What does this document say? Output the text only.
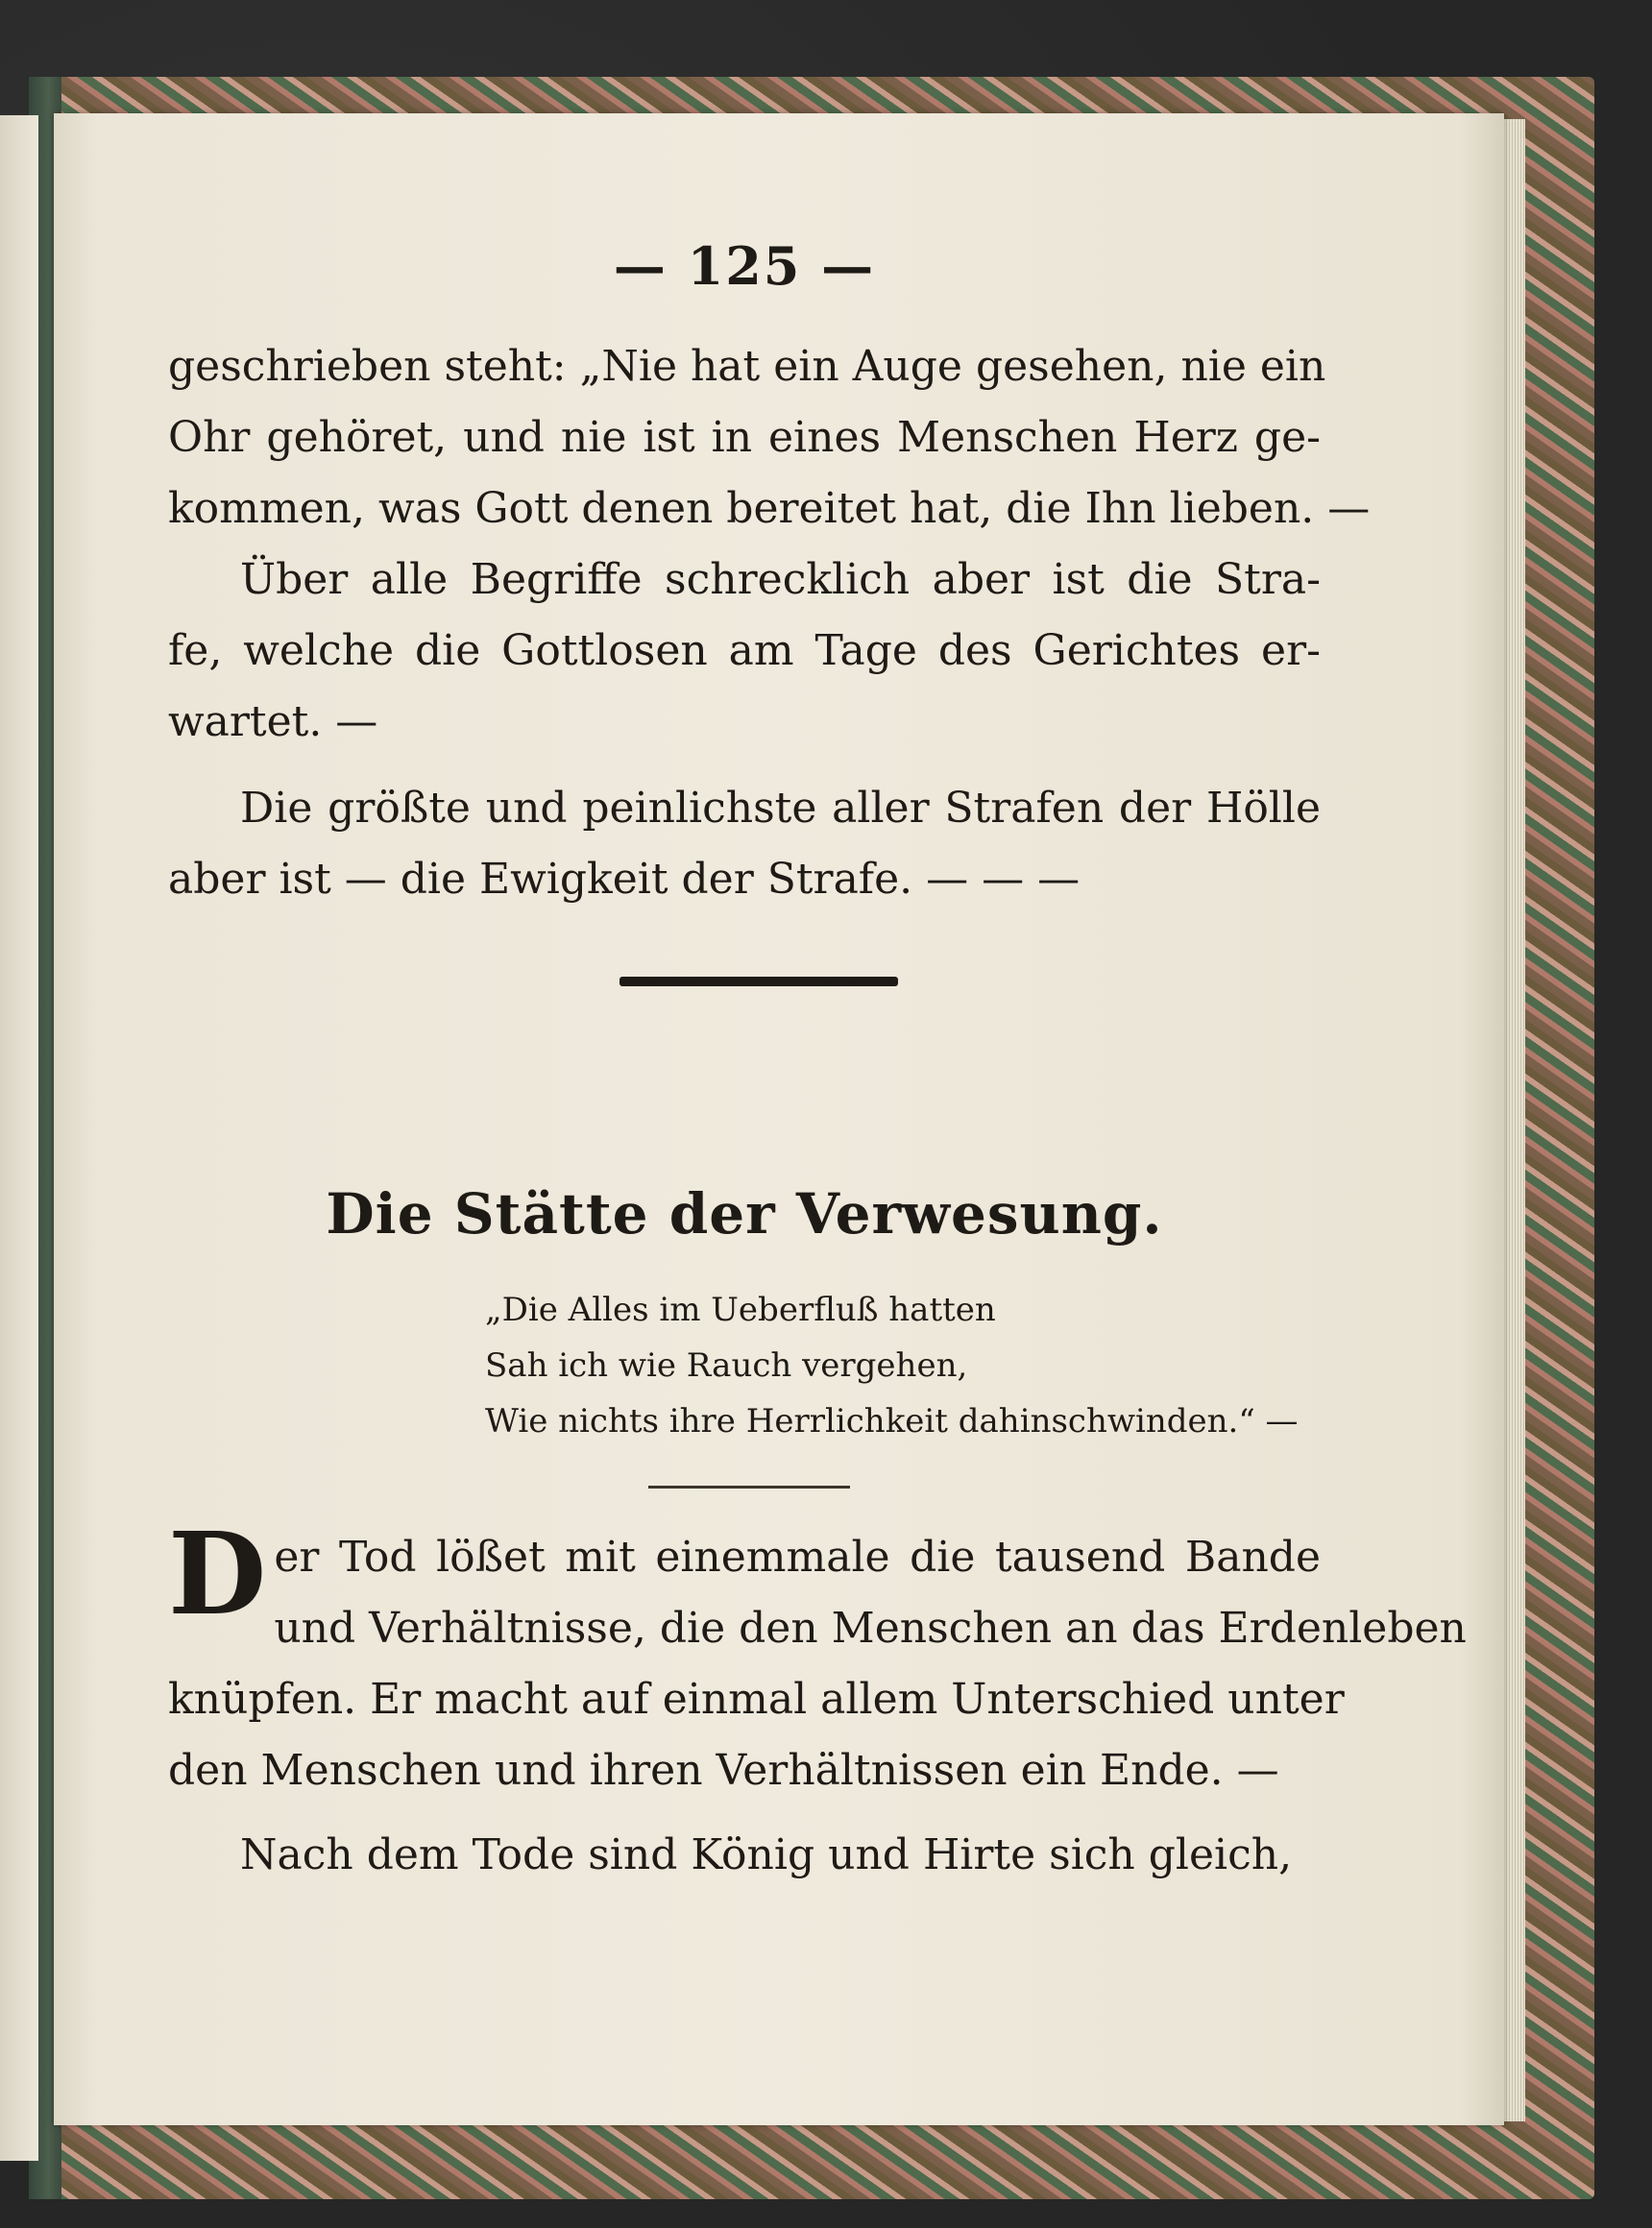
— 125 —
geschrieben steht: „Nie hat ein Auge gesehen, nie ein
Ohr gehöret, und nie ist in eines Menschen Herz ge-
kommen, was Gott denen bereitet hat, die Ihn lieben. —
Über alle Begriffe schrecklich aber ist die Stra-
fe, welche die Gottlosen am Tage des Gerichtes er-
wartet. —
Die größte und peinlichste aller Strafen der Hölle
aber ist — die Ewigkeit der Strafe. — — —
Die Stätte der Verwesung.
„Die Alles im Ueberfluß hatten
Sah ich wie Rauch vergehen,
Wie nichts ihre Herrlichkeit dahinschwinden.“ —
D er Tod lößet mit einemmale die tausend Bande
und Verhältnisse, die den Menschen an das Erdenleben
knüpfen. Er macht auf einmal allem Unterschied unter
den Menschen und ihren Verhältnissen ein Ende. —
Nach dem Tode sind König und Hirte sich gleich,
